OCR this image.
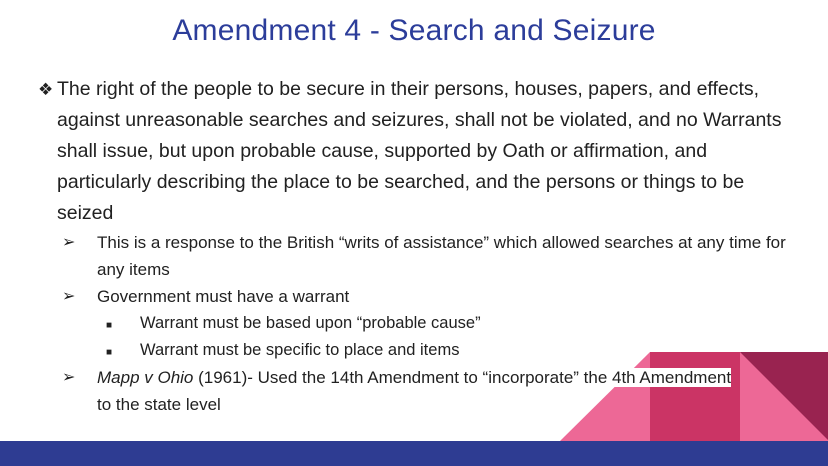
Amendment 4 - Search and Seizure
❖ The right of the people to be secure in their persons, houses, papers, and effects, against unreasonable searches and seizures, shall not be violated, and no Warrants shall issue, but upon probable cause, supported by Oath or affirmation, and particularly describing the place to be searched, and the persons or things to be seized
➢ This is a response to the British “writs of assistance” which allowed searches at any time for any items
➢ Government must have a warrant
■ Warrant must be based upon “probable cause”
■ Warrant must be specific to place and items
➢ Mapp v Ohio (1961)- Used the 14th Amendment to “incorporate” the 4th Amendment to the state level
